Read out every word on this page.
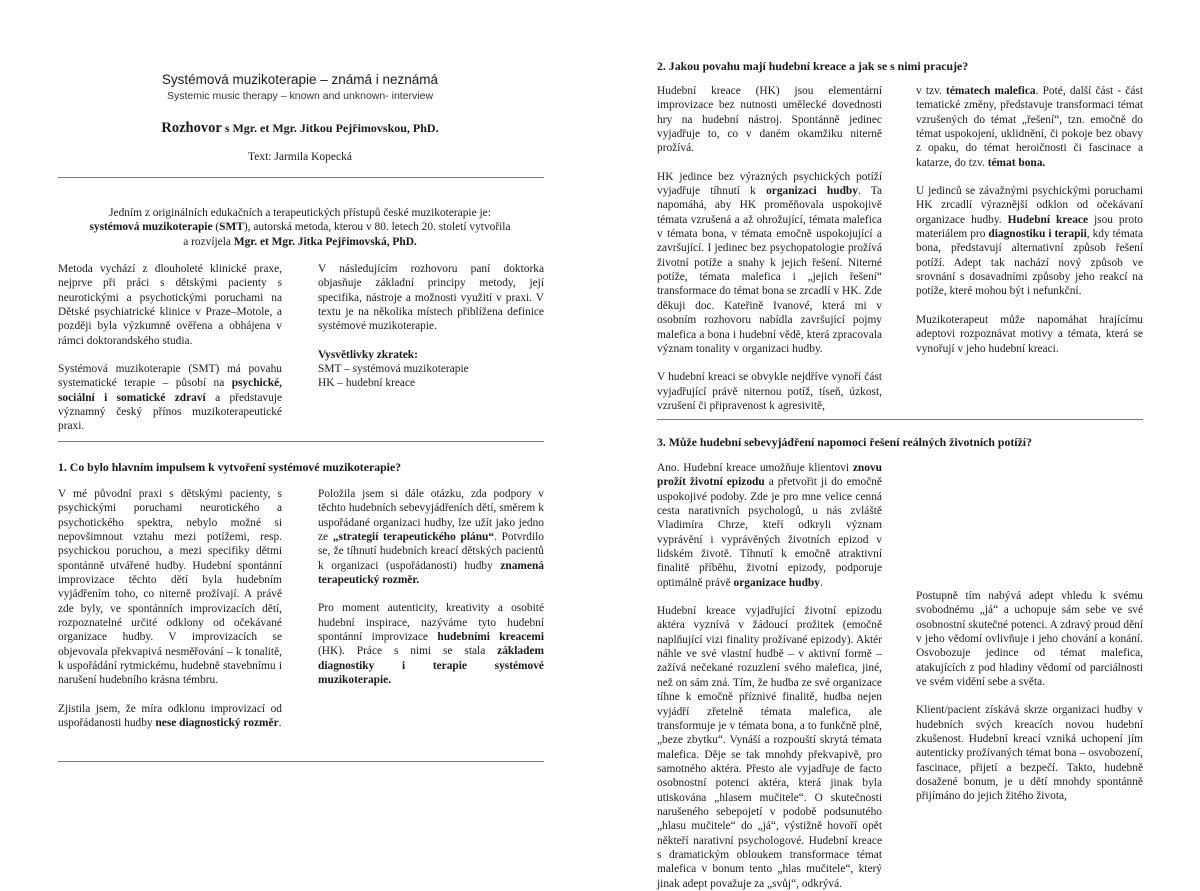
Systémová muzikoterapie – známá i neznámá
Systemic music therapy – known and unknown- interview
Rozhovor s Mgr. et Mgr. Jitkou Pejřimovskou, PhD.
Text: Jarmila Kopecká
Jedním z originálních edukačních a terapeutických přístupů české muzikoterapie je:
systémová muzikoterapie (SMT), autorská metoda, kterou v 80. letech 20. století vytvořila
a rozvíjela Mgr. et Mgr. Jitka Pejřimovská, PhD.

Metoda vychází z dlouholeté klinické praxe, nejprve při práci s dětskými pacienty s neurotickými a psychotickými poruchami na Dětské psychiatrické klinice v Praze–Motole, a později byla výzkumně ověřena a obhájena v rámci doktorandského studia.

Systémová muzikoterapie (SMT) má povahu systematické terapie – působí na psychické, sociální i somatické zdraví a představuje významný český přínos muzikoterapeutické praxi.

V následujícím rozhovoru paní doktorka objasňuje základní principy metody, její specifika, nástroje a možnosti využití v praxi. V textu je na několika místech přiblížena definice systémové muzikoterapie.

Vysvětlivky zkratek:
SMT – systémová muzikoterapie
HK – hudební kreace
1. Co bylo hlavním impulsem k vytvoření systémové muzikoterapie?

V mé původní praxi s dětskými pacienty, s psychickými poruchami neurotického a psychotického spektra, nebylo možné si nepovšimnout vztahu mezi potížemi, resp. psychickou poruchou, a mezi specifiky dětmi spontánně utvářené hudby. Hudební spontánní improvizace těchto dětí byla hudebním vyjádřením toho, co niterně prožívají. A právě zde byly, ve spontánních improvizacích dětí, rozpoznatelné určité odklony od očekávané organizace hudby. V improvizacích se objevovala překvapivá nesměřování – k tonalitě, k uspořádání rytmickému, hudebně stavebnímu i narušení hudebního krásna témbru.

Zjistila jsem, že míra odklonu improvizací od uspořádanosti hudby nese diagnostický rozměr.

Položila jsem si dále otázku, zda podpory v těchto hudebních sebevyjádřeních dětí, směrem k uspořádané organizaci hudby, lze užít jako jedno ze „strategií terapeutického plánu“. Potvrdilo se, že tíhnutí hudebních kreací dětských pacientů k organizaci (uspořádanosti) hudby znamená terapeutický rozměr.

Pro moment autenticity, kreativity a osobité hudební inspirace, nazýváme tyto hudební spontánní improvizace hudebními kreacemi (HK). Práce s nimi se stala základem diagnostiky i terapie systémové muzikoterapie.

2. Jakou povahu mají hudební kreace a jak se s nimi pracuje?

Hudební kreace (HK) jsou elementární improvizace bez nutnosti umělecké dovednosti hry na hudební nástroj. Spontánně jedinec vyjadřuje to, co v daném okamžiku niterně prožívá.

HK jedince bez výrazných psychických potíží vyjadřuje tíhnutí k organizaci hudby. Ta napomáhá, aby HK proměňovala uspokojivě témata vzrušená a až ohrožující, témata malefica v témata bona, v témata emočně uspokojující a završující. I jedinec bez psychopatologie prožívá životní potíže a snahy k jejich řešení. Niterné potíže, témata malefica i „jejich řešení“ transformace do témat bona se zrcadlí v HK. Zde děkuji doc. Kateřině Ivanové, která mi v osobním rozhovoru nabídla završující pojmy malefica a bona i hudební vědě, která zpracovala význam tonality v organizaci hudby.

V hudební kreaci se obvykle nejdříve vynoří část vyjadřující právě niternou potíž, tíseň, úzkost, vzrušení či připravenost k agresivitě,

v tzv. tématech malefica. Poté, další část - část tematické změny, představuje transformaci témat vzrušených do témat „řešení“, tzn. emočně do témat uspokojení, uklidnění, či pokoje bez obavy z opaku, do témat heroičnosti či fascinace a katarze, do tzv. témat bona.

U jedinců se závažnými psychickými poruchami HK zrcadlí výraznější odklon od očekávaní organizace hudby. Hudební kreace jsou proto materiálem pro diagnostiku i terapii, kdy témata bona, představují alternativní způsob řešení potíží. Adept tak nachází nový způsob ve srovnání s dosavadními způsoby jeho reakcí na potíže, které mohou být i nefunkční.

Muzikoterapeut může napomáhat hrajícímu adeptovi rozpoznávat motivy a témata, která se vynořují v jeho hudební kreaci.

3. Může hudební sebevyjádření napomoci řešení reálných životních potíží?

Ano. Hudební kreace umožňuje klientovi znovu prožít životní epizodu a přetvořit ji do emočně uspokojivé podoby. Zde je pro mne velice cenná cesta narativních psychologů, u nás zvláště Vladimíra Chrze, kteří odkryli význam vyprávění i vyprávěných životních epizod v lidském životě. Tíhnutí k emočně atraktivní finalitě příběhu, životní epizody, podporuje optimálně právě organizace hudby.

Hudební kreace vyjadřující životní epizodu aktéra vyznívá v žádoucí prožitek (emočně naplňující vizi finality prožívané epizody). Aktér náhle ve své vlastní hudbě – v aktivní formě – zažívá nečekané rozuzlení svého malefica, jiné, než on sám zná. Tím, že hudba ze své organizace tíhne k emočně příznivé finalitě, hudba nejen vyjádří zřetelně témata malefica, ale transformuje je v témata bona, a to funkčně plně, „beze zbytku“. Vynáší a rozpouští skrytá témata malefica. Děje se tak mnohdy překvapivě, pro samotného aktéra. Přesto ale vyjadřuje de facto osobnostní potenci aktéra, která jinak byla utiskována „hlasem mučitele“. O skutečnosti narušeného sebepojetí v podobě podsunutého „hlasu mučitele“ do „já“, výstižně hovoří opět někteří narativní psychologové. Hudební kreace s dramatickým obloukem transformace témat malefica v bonum tento „hlas mučitele“, který jinak adept považuje za „svůj“, odkrývá.

Postupně tím nabývá adept vhledu k svému svobodnému „já“ a uchopuje sám sebe ve své osobnostní skutečné potenci. A zdravý proud dění v jeho vědomí ovlivňuje i jeho chování a konání. Osvobozuje jedince od témat malefica, atakujících z pod hladiny vědomí od parciálnosti ve svém vidění sebe a světa.

Klient/pacient získává skrze organizaci hudby v hudebních svých kreacích novou hudební zkušenost. Hudební kreací vzniká uchopení jím autenticky prožívaných témat bona – osvobození, fascinace, přijetí a bezpečí. Takto, hudebně dosažené bonum, je u dětí mnohdy spontánně přijímáno do jejich žitého života,
